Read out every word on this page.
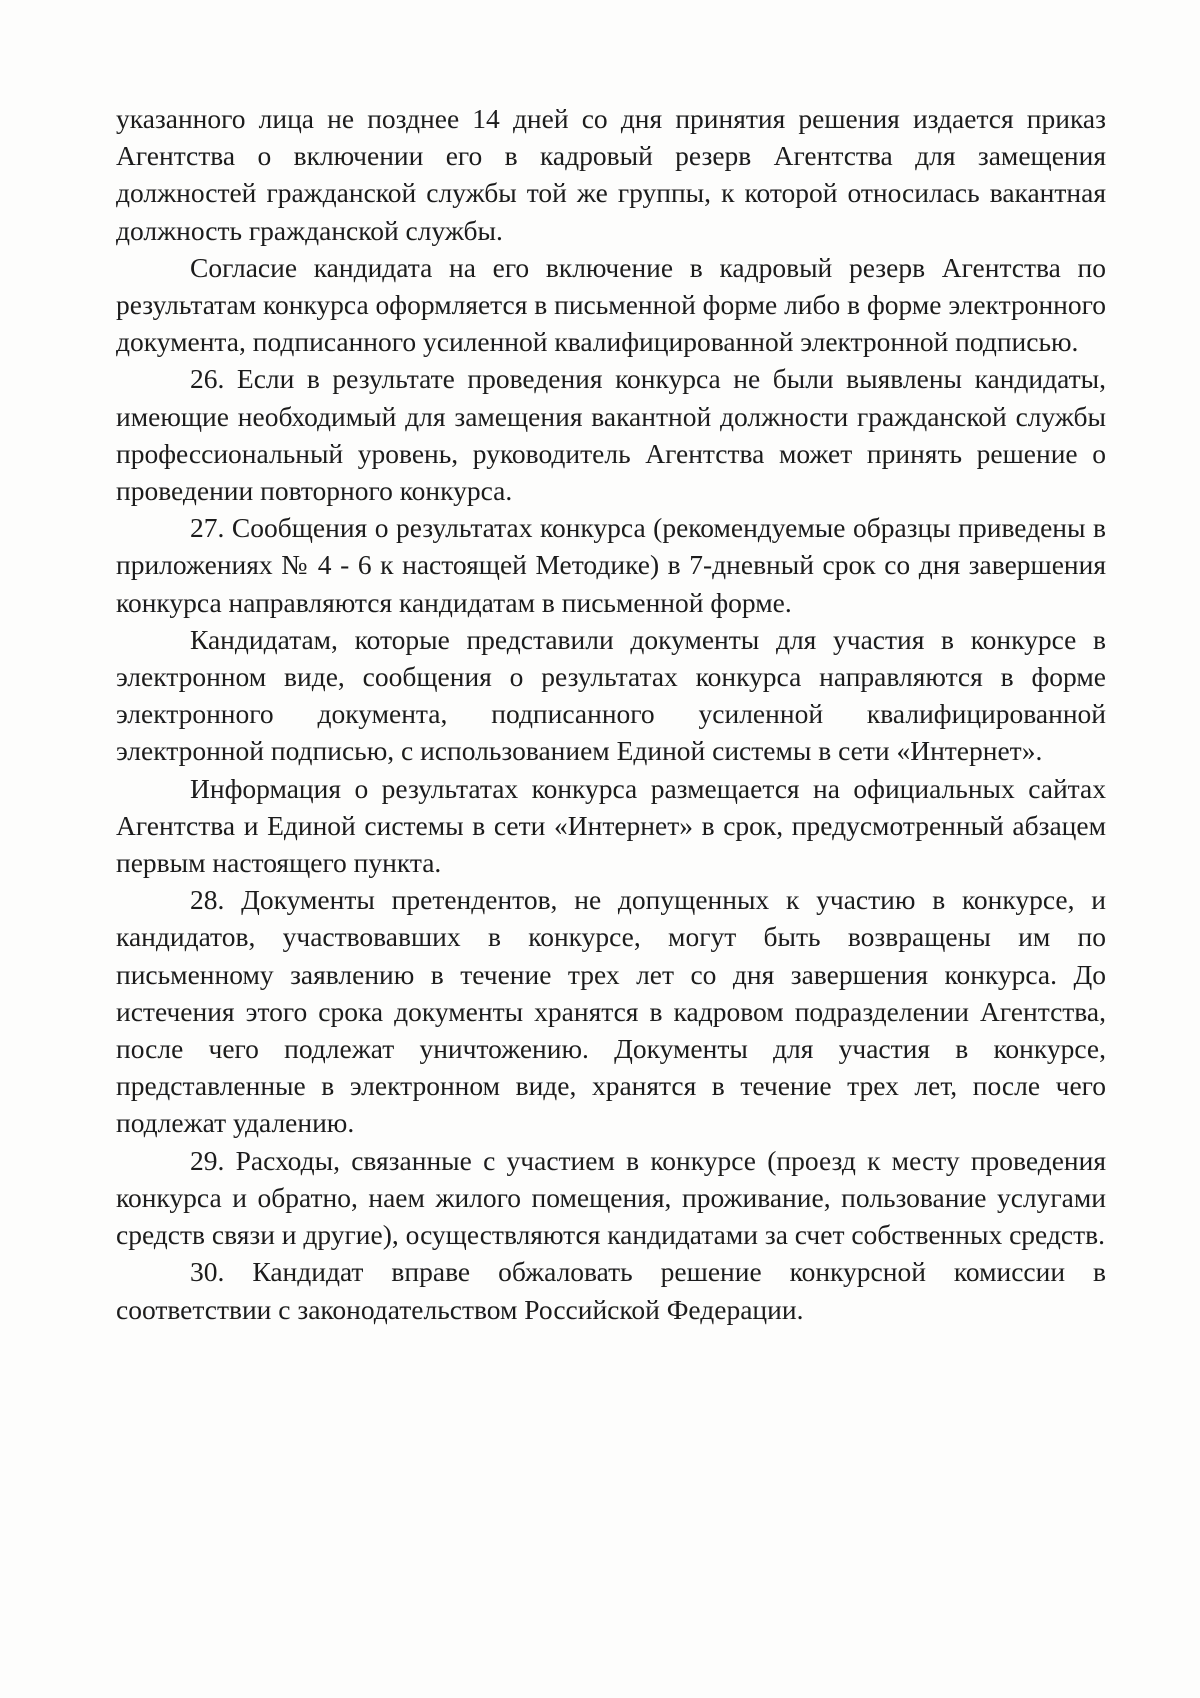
указанного лица не позднее 14 дней со дня принятия решения издается приказ Агентства о включении его в кадровый резерв Агентства для замещения должностей гражданской службы той же группы, к которой относилась вакантная должность гражданской службы.

Согласие кандидата на его включение в кадровый резерв Агентства по результатам конкурса оформляется в письменной форме либо в форме электронного документа, подписанного усиленной квалифицированной электронной подписью.

26. Если в результате проведения конкурса не были выявлены кандидаты, имеющие необходимый для замещения вакантной должности гражданской службы профессиональный уровень, руководитель Агентства может принять решение о проведении повторного конкурса.

27. Сообщения о результатах конкурса (рекомендуемые образцы приведены в приложениях № 4 - 6 к настоящей Методике) в 7-дневный срок со дня завершения конкурса направляются кандидатам в письменной форме.

Кандидатам, которые представили документы для участия в конкурсе в электронном виде, сообщения о результатах конкурса направляются в форме электронного документа, подписанного усиленной квалифицированной электронной подписью, с использованием Единой системы в сети «Интернет».

Информация о результатах конкурса размещается на официальных сайтах Агентства и Единой системы в сети «Интернет» в срок, предусмотренный абзацем первым настоящего пункта.

28. Документы претендентов, не допущенных к участию в конкурсе, и кандидатов, участвовавших в конкурсе, могут быть возвращены им по письменному заявлению в течение трех лет со дня завершения конкурса. До истечения этого срока документы хранятся в кадровом подразделении Агентства, после чего подлежат уничтожению. Документы для участия в конкурсе, представленные в электронном виде, хранятся в течение трех лет, после чего подлежат удалению.

29. Расходы, связанные с участием в конкурсе (проезд к месту проведения конкурса и обратно, наем жилого помещения, проживание, пользование услугами средств связи и другие), осуществляются кандидатами за счет собственных средств.

30. Кандидат вправе обжаловать решение конкурсной комиссии в соответствии с законодательством Российской Федерации.
